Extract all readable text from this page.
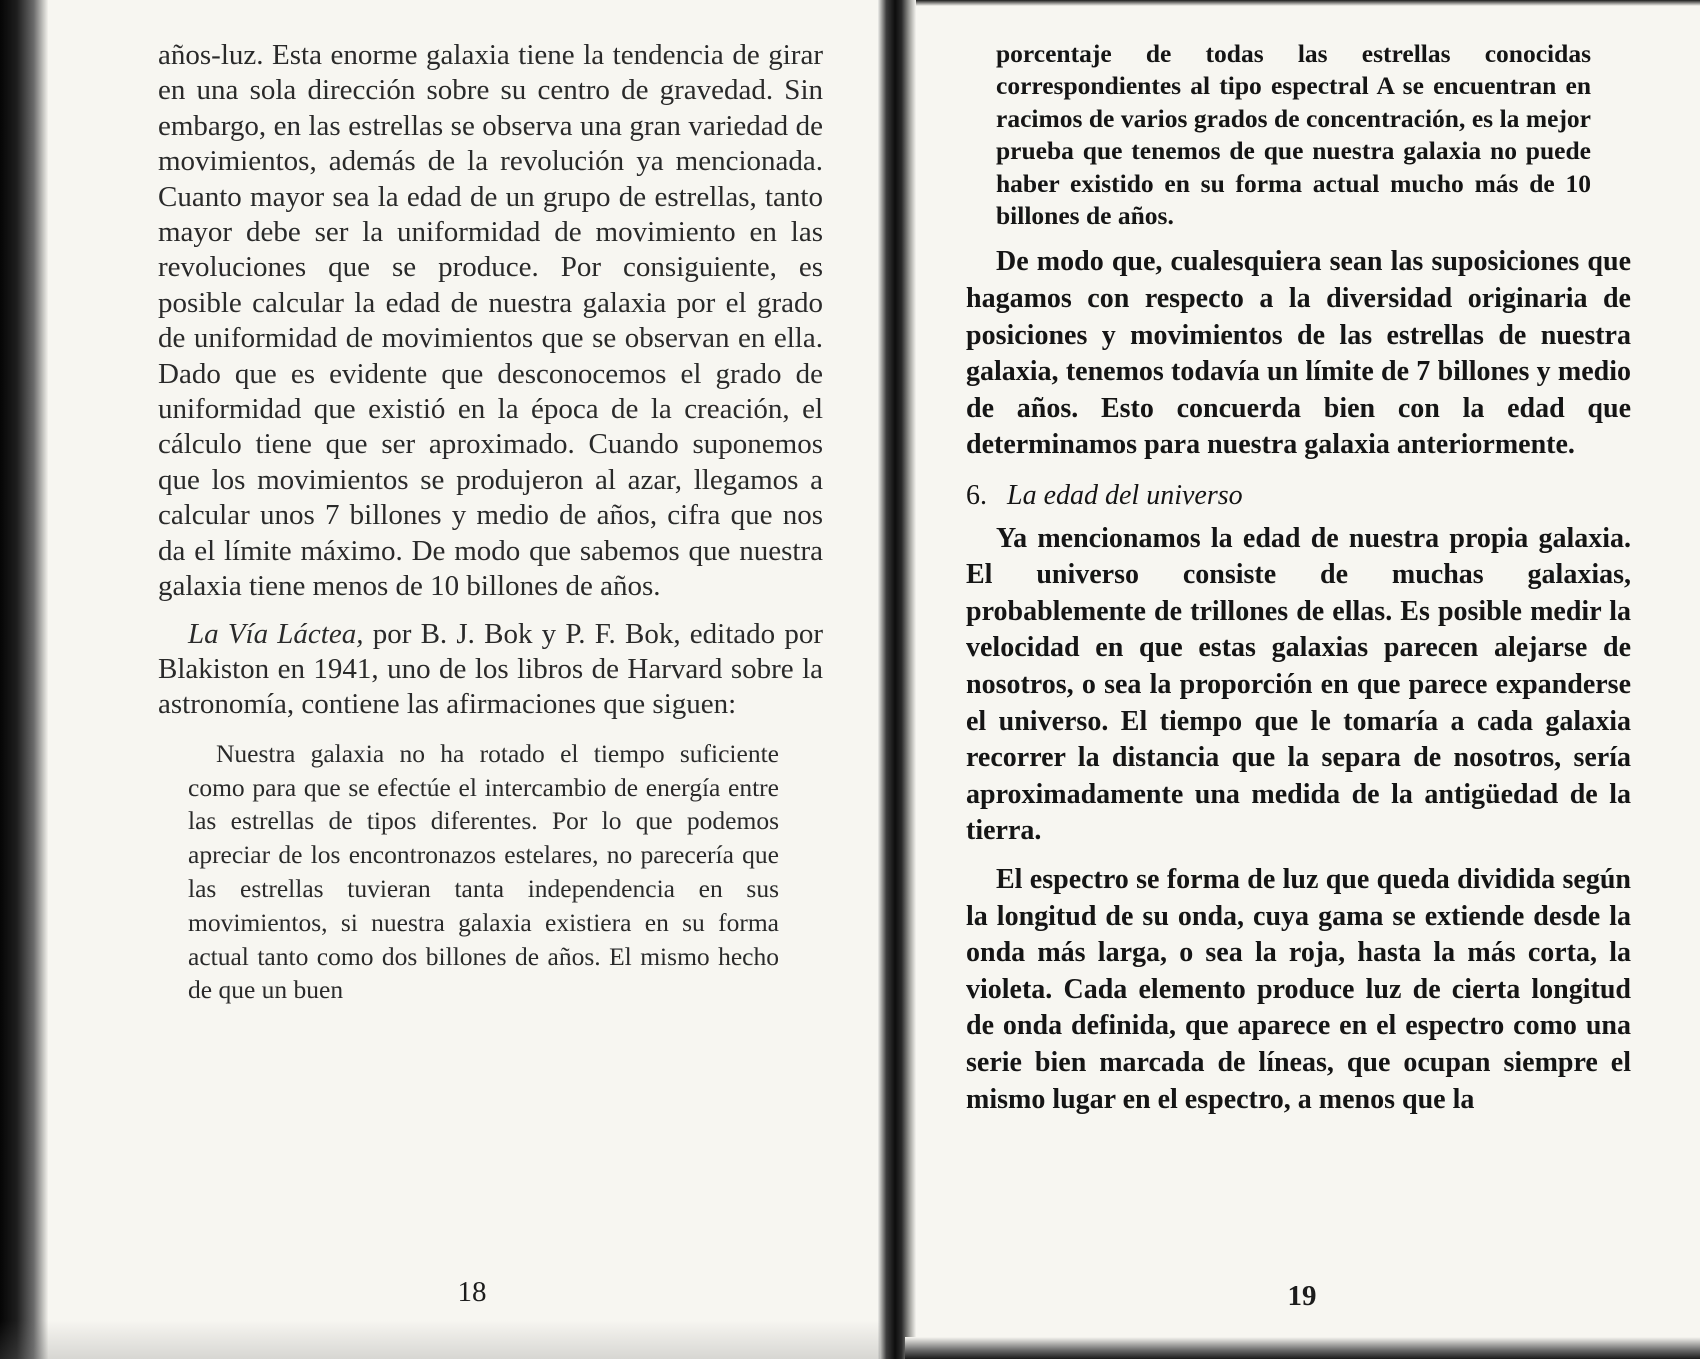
años-luz. Esta enorme galaxia tiene la tendencia de girar en una sola dirección sobre su centro de gravedad. Sin embargo, en las estrellas se observa una gran variedad de movimientos, además de la revolución ya mencionada. Cuanto mayor sea la edad de un grupo de estrellas, tanto mayor debe ser la uniformidad de movimiento en las revoluciones que se produce. Por consiguiente, es posible calcular la edad de nuestra galaxia por el grado de uniformidad de movimientos que se observan en ella. Dado que es evidente que desconocemos el grado de uniformidad que existió en la época de la creación, el cálculo tiene que ser aproximado. Cuando suponemos que los movimientos se produjeron al azar, llegamos a calcular unos 7 billones y medio de años, cifra que nos da el límite máximo. De modo que sabemos que nuestra galaxia tiene menos de 10 billones de años.

La Vía Láctea, por B. J. Bok y P. F. Bok, editado por Blakiston en 1941, uno de los libros de Harvard sobre la astronomía, contiene las afirmaciones que siguen:

Nuestra galaxia no ha rotado el tiempo suficiente como para que se efectúe el intercambio de energía entre las estrellas de tipos diferentes. Por lo que podemos apreciar de los encontronazos estelares, no parecería que las estrellas tuvieran tanta independencia en sus movimientos, si nuestra galaxia existiera en su forma actual tanto como dos billones de años. El mismo hecho de que un buen

18

porcentaje de todas las estrellas conocidas correspondientes al tipo espectral A se encuentran en racimos de varios grados de concentración, es la mejor prueba que tenemos de que nuestra galaxia no puede haber existido en su forma actual mucho más de 10 billones de años.

De modo que, cualesquiera sean las suposiciones que hagamos con respecto a la diversidad originaria de posiciones y movimientos de las estrellas de nuestra galaxia, tenemos todavía un límite de 7 billones y medio de años. Esto concuerda bien con la edad que determinamos para nuestra galaxia anteriormente.

6. La edad del universo

Ya mencionamos la edad de nuestra propia galaxia. El universo consiste de muchas galaxias, probablemente de trillones de ellas. Es posible medir la velocidad en que estas galaxias parecen alejarse de nosotros, o sea la proporción en que parece expanderse el universo. El tiempo que le tomaría a cada galaxia recorrer la distancia que la separa de nosotros, sería aproximadamente una medida de la antigüedad de la tierra.

El espectro se forma de luz que queda dividida según la longitud de su onda, cuya gama se extiende desde la onda más larga, o sea la roja, hasta la más corta, la violeta. Cada elemento produce luz de cierta longitud de onda definida, que aparece en el espectro como una serie bien marcada de líneas, que ocupan siempre el mismo lugar en el espectro, a menos que la

19
